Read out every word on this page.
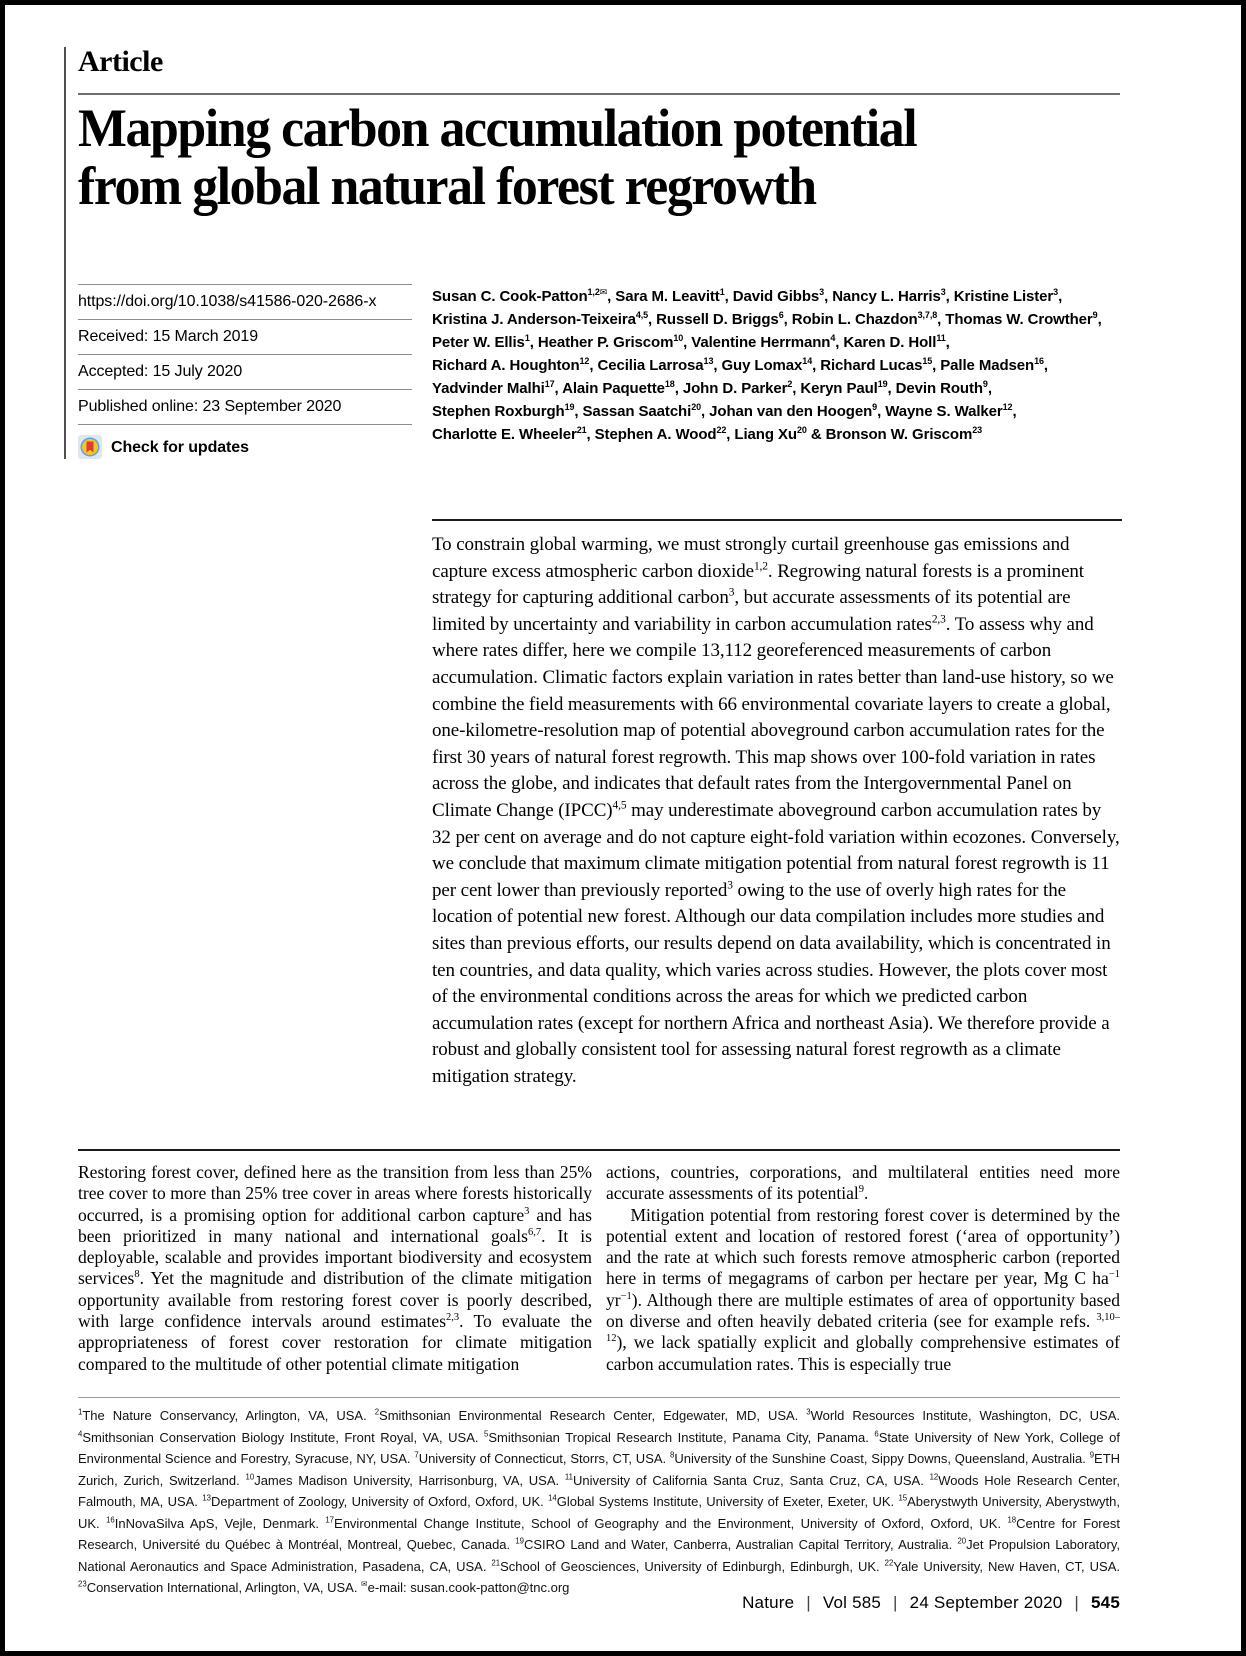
Article
Mapping carbon accumulation potential
from global natural forest regrowth
https://doi.org/10.1038/s41586-020-2686-x
Received: 15 March 2019
Accepted: 15 July 2020
Published online: 23 September 2020
Check for updates
Susan C. Cook-Patton$^{1,2✉}$, Sara M. Leavitt$^1$, David Gibbs$^3$, Nancy L. Harris$^3$, Kristine Lister$^3$,
Kristina J. Anderson-Teixeira$^{4,5}$, Russell D. Briggs$^6$, Robin L. Chazdon$^{3,7,8}$, Thomas W. Crowther$^9$,
Peter W. Ellis$^1$, Heather P. Griscom$^{10}$, Valentine Herrmann$^4$, Karen D. Holl$^{11}$,
Richard A. Houghton$^{12}$, Cecilia Larrosa$^{13}$, Guy Lomax$^{14}$, Richard Lucas$^{15}$, Palle Madsen$^{16}$,
Yadvinder Malhi$^{17}$, Alain Paquette$^{18}$, John D. Parker$^2$, Keryn Paul$^{19}$, Devin Routh$^9$,
Stephen Roxburgh$^{19}$, Sassan Saatchi$^{20}$, Johan van den Hoogen$^9$, Wayne S. Walker$^{12}$,
Charlotte E. Wheeler$^{21}$, Stephen A. Wood$^{22}$, Liang Xu$^{20}$ & Bronson W. Griscom$^{23}$

To constrain global warming, we must strongly curtail greenhouse gas emissions and capture excess atmospheric carbon dioxide$^{1,2}$. Regrowing natural forests is a prominent strategy for capturing additional carbon$^3$, but accurate assessments of its potential are limited by uncertainty and variability in carbon accumulation rates$^{2,3}$. To assess why and where rates differ, here we compile 13,112 georeferenced measurements of carbon accumulation. Climatic factors explain variation in rates better than land-use history, so we combine the field measurements with 66 environmental covariate layers to create a global, one-kilometre-resolution map of potential aboveground carbon accumulation rates for the first 30 years of natural forest regrowth. This map shows over 100-fold variation in rates across the globe, and indicates that default rates from the Intergovernmental Panel on Climate Change (IPCC)$^{4,5}$ may underestimate aboveground carbon accumulation rates by 32 per cent on average and do not capture eight-fold variation within ecozones. Conversely, we conclude that maximum climate mitigation potential from natural forest regrowth is 11 per cent lower than previously reported$^3$ owing to the use of overly high rates for the location of potential new forest. Although our data compilation includes more studies and sites than previous efforts, our results depend on data availability, which is concentrated in ten countries, and data quality, which varies across studies. However, the plots cover most of the environmental conditions across the areas for which we predicted carbon accumulation rates (except for northern Africa and northeast Asia). We therefore provide a robust and globally consistent tool for assessing natural forest regrowth as a climate mitigation strategy.

Restoring forest cover, defined here as the transition from less than 25% tree cover to more than 25% tree cover in areas where forests historically occurred, is a promising option for additional carbon capture$^3$ and has been prioritized in many national and international goals$^{6,7}$. It is deployable, scalable and provides important biodiversity and ecosystem services$^8$. Yet the magnitude and distribution of the climate mitigation opportunity available from restoring forest cover is poorly described, with large confidence intervals around estimates$^{2,3}$. To evaluate the appropriateness of forest cover restoration for climate mitigation compared to the multitude of other potential climate mitigation

actions, countries, corporations, and multilateral entities need more accurate assessments of its potential$^9$.

Mitigation potential from restoring forest cover is determined by the potential extent and location of restored forest (‘area of opportunity’) and the rate at which such forests remove atmospheric carbon (reported here in terms of megagrams of carbon per hectare per year, Mg C $ha^{-1}$ $yr^{-1}$). Although there are multiple estimates of area of opportunity based on diverse and often heavily debated criteria (see for example refs. $^{3,10-12}$), we lack spatially explicit and globally comprehensive estimates of carbon accumulation rates. This is especially true

$^1$The Nature Conservancy, Arlington, VA, USA. $^2$Smithsonian Environmental Research Center, Edgewater, MD, USA. $^3$World Resources Institute, Washington, DC, USA. $^4$Smithsonian Conservation Biology Institute, Front Royal, VA, USA. $^5$Smithsonian Tropical Research Institute, Panama City, Panama. $^6$State University of New York, College of Environmental Science and Forestry, Syracuse, NY, USA. $^7$University of Connecticut, Storrs, CT, USA. $^8$University of the Sunshine Coast, Sippy Downs, Queensland, Australia. $^9$ETH Zurich, Zurich, Switzerland. $^{10}$James Madison University, Harrisonburg, VA, USA. $^{11}$University of California Santa Cruz, Santa Cruz, CA, USA. $^{12}$Woods Hole Research Center, Falmouth, MA, USA. $^{13}$Department of Zoology, University of Oxford, Oxford, UK. $^{14}$Global Systems Institute, University of Exeter, Exeter, UK. $^{15}$Aberystwyth University, Aberystwyth, UK. $^{16}$InNovaSilva ApS, Vejle, Denmark. $^{17}$Environmental Change Institute, School of Geography and the Environment, University of Oxford, Oxford, UK. $^{18}$Centre for Forest Research, Université du Québec à Montréal, Montreal, Quebec, Canada. $^{19}$CSIRO Land and Water, Canberra, Australian Capital Territory, Australia. $^{20}$Jet Propulsion Laboratory, National Aeronautics and Space Administration, Pasadena, CA, USA. $^{21}$School of Geosciences, University of Edinburgh, Edinburgh, UK. $^{22}$Yale University, New Haven, CT, USA. $^{23}$Conservation International, Arlington, VA, USA. ✉e-mail: susan.cook-patton@tnc.org

Nature | Vol 585 | 24 September 2020 | 545
